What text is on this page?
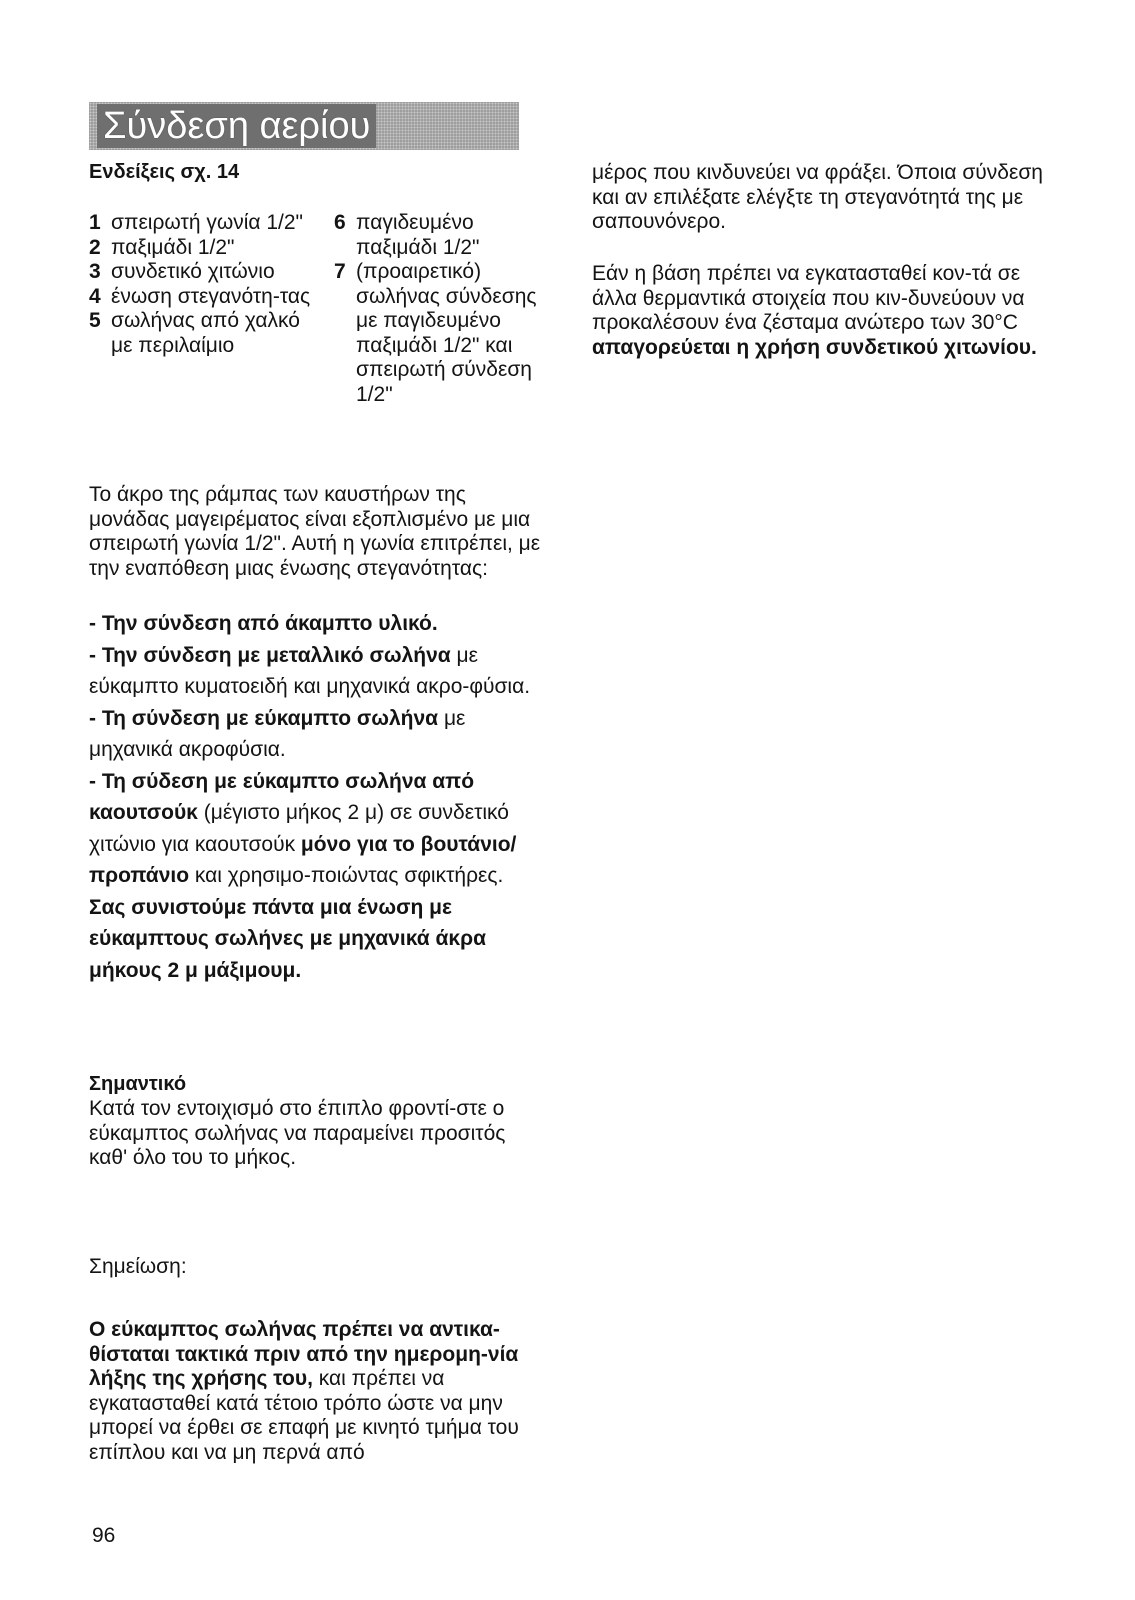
Σύνδεση αερίου
Ενδείξεις σχ. 14
1 σπειρωτή γωνία 1/2"
2 παξιμάδι 1/2"
3 συνδετικό χιτώνιο
4 ένωση στεγανότη-τας
5 σωλήνας από χαλκό με περιλαίμιο
6 παγιδευμένο παξιμάδι 1/2"
7 (προαιρετικό) σωλήνας σύνδεσης με παγιδευμένο παξιμάδι 1/2" και σπειρωτή σύνδεση 1/2"

Το άκρο της ράμπας των καυστήρων της μονάδας μαγειρέματος είναι εξοπλισμένο με μια σπειρωτή γωνία 1/2". Αυτή η γωνία επιτρέπει, με την εναπόθεση μιας ένωσης στεγανότητας:

- Την σύνδεση από άκαμπτο υλικό.
- Την σύνδεση με μεταλλικό σωλήνα με εύκαμπτο κυματοειδή και μηχανικά ακρο-φύσια.
- Τη σύνδεση με εύκαμπτο σωλήνα με μηχανικά ακροφύσια.
- Τη σύδεση με εύκαμπτο σωλήνα από καουτσούκ (μέγιστο μήκος 2 μ) σε συνδετικό χιτώνιο για καουτσούκ μόνο για το βουτάνιο/προπάνιο και χρησιμο-ποιώντας σφικτήρες.
Σας συνιστούμε πάντα μια ένωση με εύκαμπτους σωλήνες με μηχανικά άκρα μήκους 2 μ μάξιμουμ.
Σημαντικό

Κατά τον εντοιχισμό στο έπιπλο φροντί-στε ο εύκαμπτος σωλήνας να παραμείνει προσιτός καθ' όλο του το μήκος.

Σημείωση:

Ο εύκαμπτος σωλήνας πρέπει να αντικα-θίσταται τακτικά πριν από την ημερομη-νία λήξης της χρήσης του, και πρέπει να εγκατασταθεί κατά τέτοιο τρόπο ώστε να μην μπορεί να έρθει σε επαφή με κινητό τμήμα του επίπλου και να μη περνά από

μέρος που κινδυνεύει να φράξει. Όποια σύνδεση και αν επιλέξατε ελέγξτε τη στεγανότητά της με σαπουνόνερο.

Εάν η βάση πρέπει να εγκατασταθεί κον-τά σε άλλα θερμαντικά στοιχεία που κιν-δυνεύουν να προκαλέσουν ένα ζέσταμα ανώτερο των 30°C απαγορεύεται η χρήση συνδετικού χιτωνίου.

96
